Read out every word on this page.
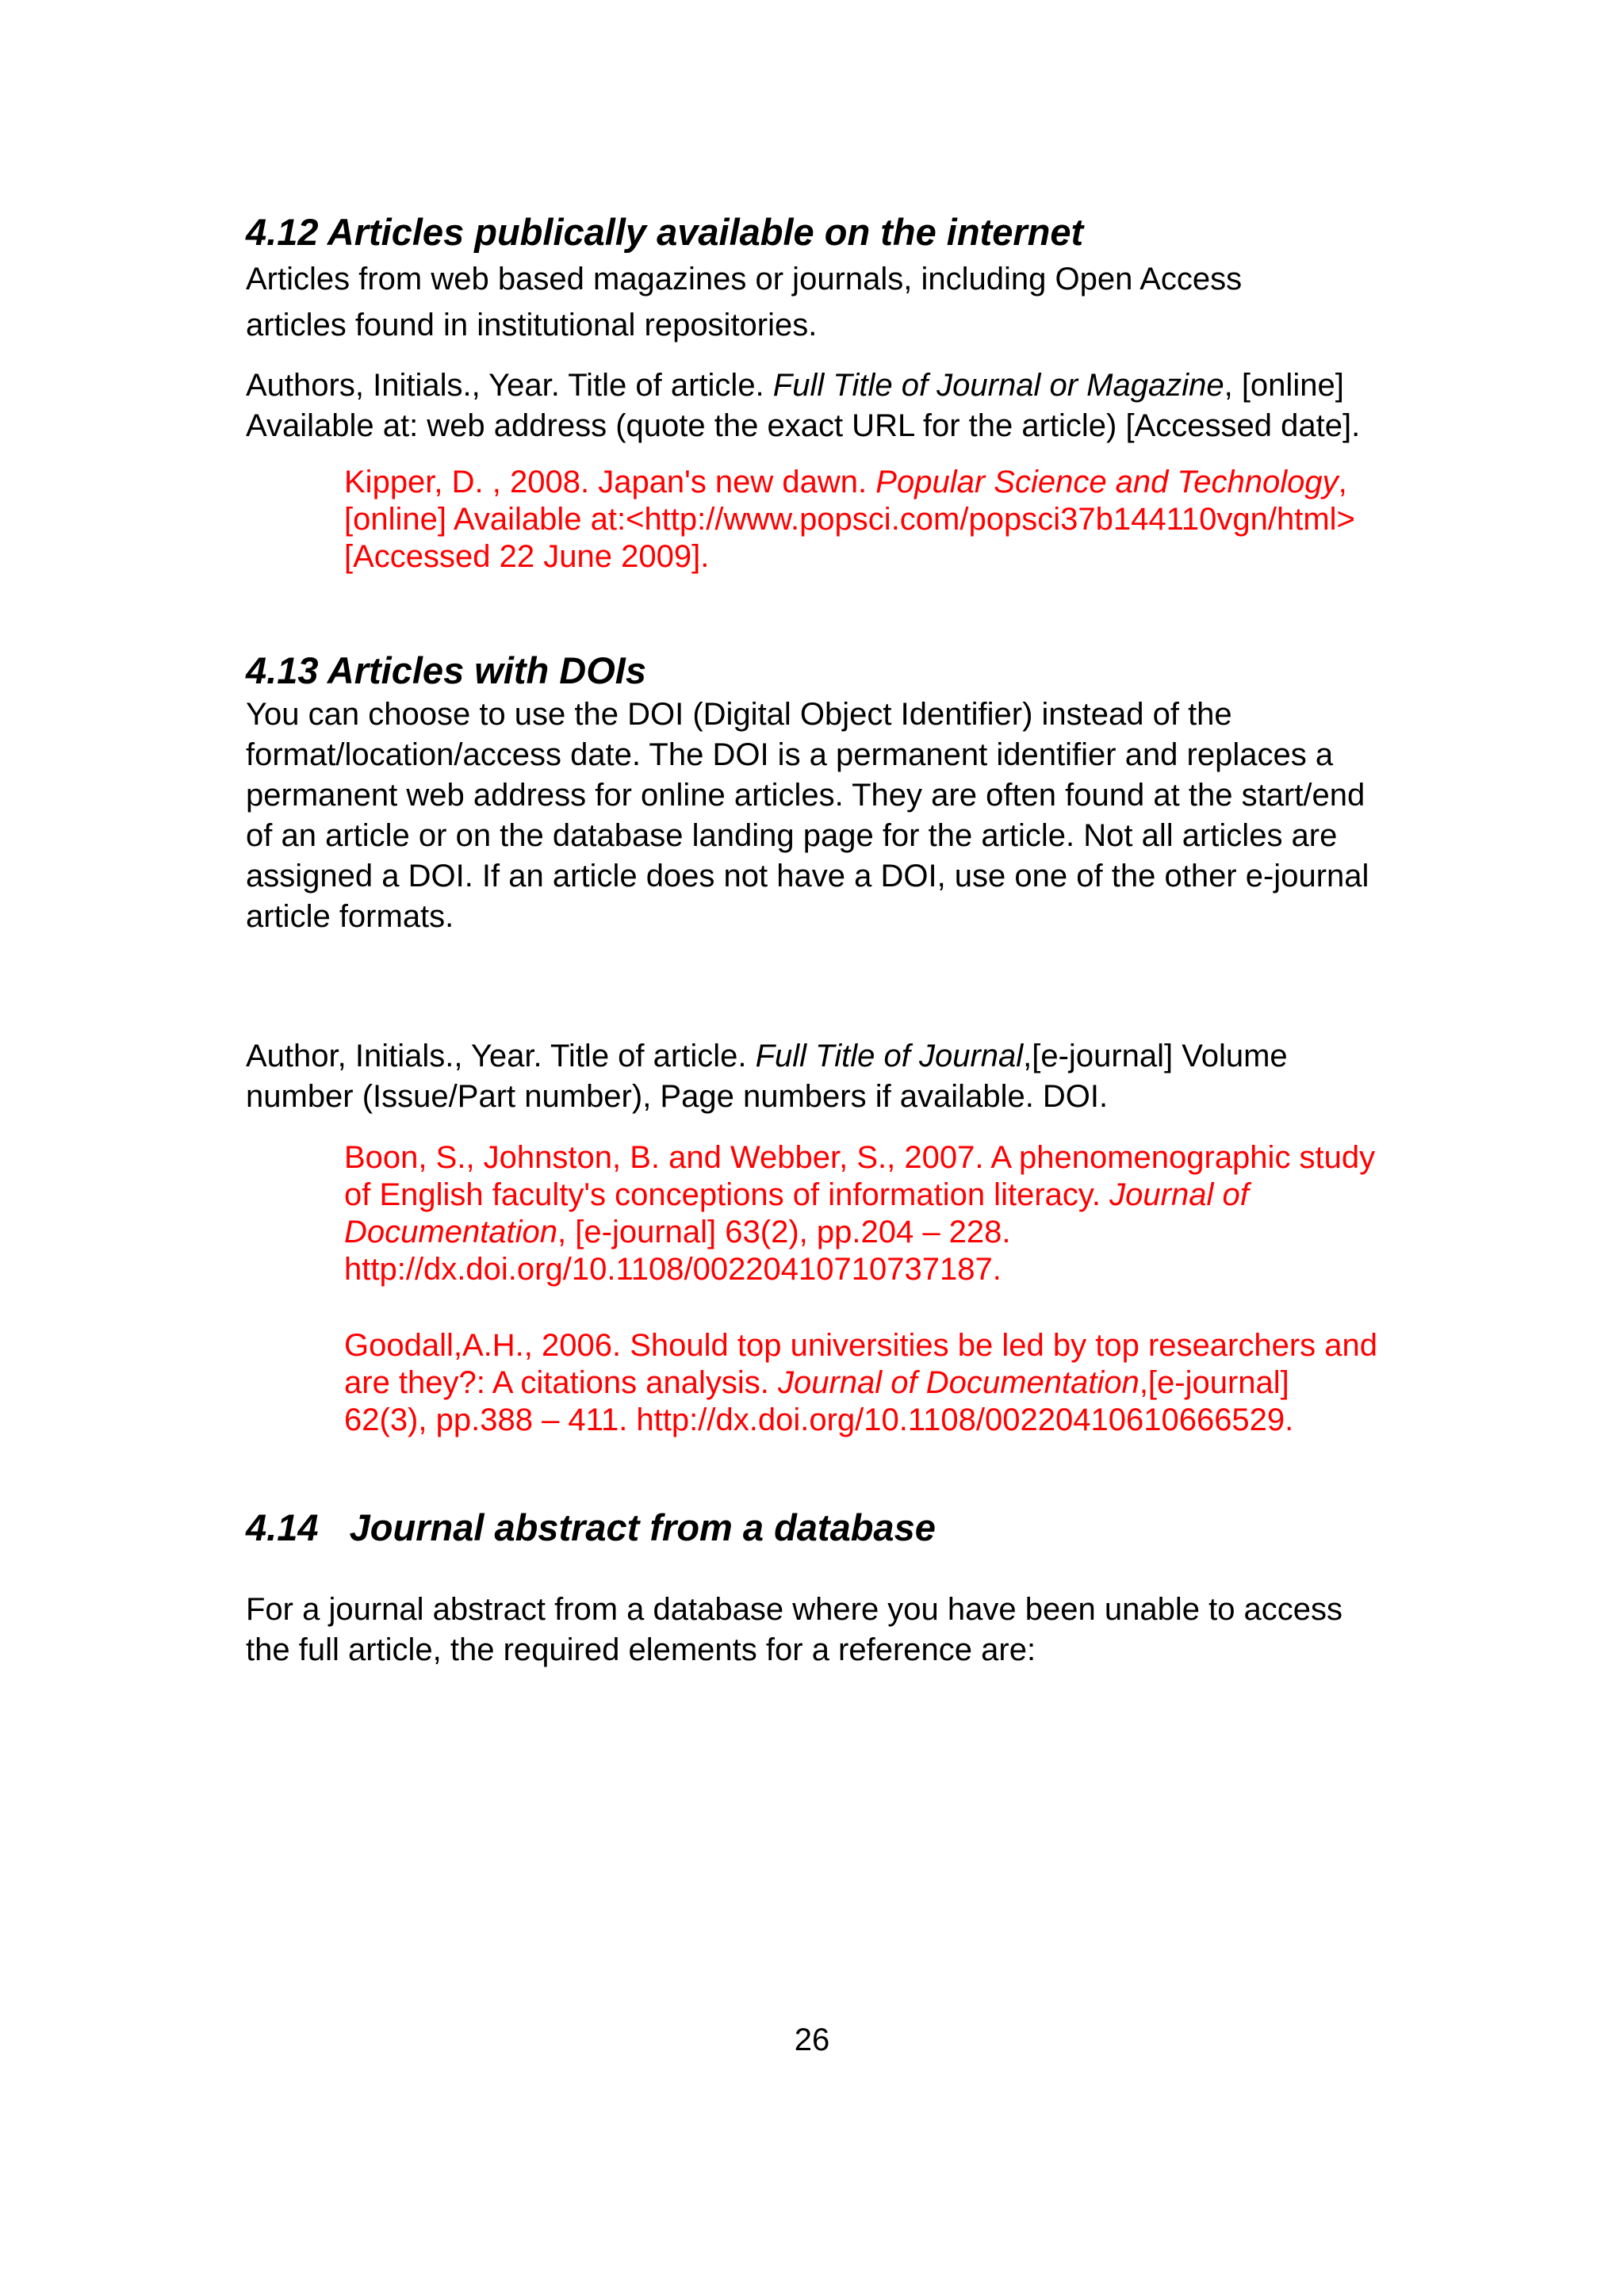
4.12 Articles publically available on the internet

Articles from web based magazines or journals, including Open Access

articles found in institutional repositories.

Authors, Initials., Year. Title of article. Full Title of Journal or Magazine, [online] Available at: web address (quote the exact URL for the article) [Accessed date].

Kipper, D. , 2008. Japan's new dawn. Popular Science and Technology, [online] Available at:<http://www.popsci.com/popsci37b144110vgn/html> [Accessed 22 June 2009].

4.13 Articles with DOIs

You can choose to use the DOI (Digital Object Identifier) instead of the format/location/access date. The DOI is a permanent identifier and replaces a permanent web address for online articles. They are often found at the start/end of an article or on the database landing page for the article. Not all articles are assigned a DOI. If an article does not have a DOI, use one of the other e-journal article formats.

Author, Initials., Year. Title of article. Full Title of Journal,[e-journal] Volume number (Issue/Part number), Page numbers if available. DOI.

Boon, S., Johnston, B. and Webber, S., 2007. A phenomenographic study of English faculty's conceptions of information literacy. Journal of Documentation, [e-journal] 63(2), pp.204 – 228. http://dx.doi.org/10.1108/00220410710737187.

Goodall,A.H., 2006. Should top universities be led by top researchers and are they?: A citations analysis. Journal of Documentation,[e-journal] 62(3), pp.388 – 411. http://dx.doi.org/10.1108/00220410610666529.

4.14   Journal abstract from a database

For a journal abstract from a database where you have been unable to access the full article, the required elements for a reference are:

26
